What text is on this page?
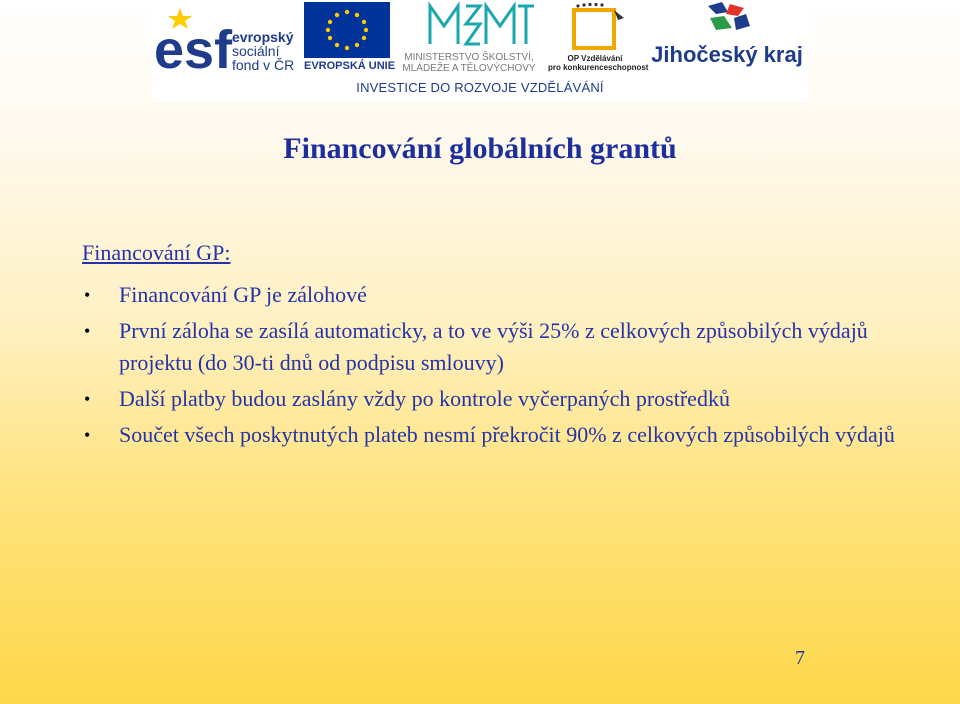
esf evropský
sociální
fond v ČR EVROPSKÁ UNIE
MINISTERSTVO ŠKOLSTVÍ,
MLÁDEŽE A TĚLOVÝCHOVY
OP Vzdělávání
pro konkurenceschopnost
Jihočeský kraj
INVESTICE DO ROZVOJE VZDĚLÁVÁNÍ
Financování globálních grantů
Financování GP:
• Financování GP je zálohové
• První záloha se zasílá automaticky, a to ve výši 25% z celkových způsobilých výdajů projektu (do 30-ti dnů od podpisu smlouvy)
• Další platby budou zaslány vždy po kontrole vyčerpaných prostředků
• Součet všech poskytnutých plateb nesmí překročit 90% z celkových způsobilých výdajů
7
